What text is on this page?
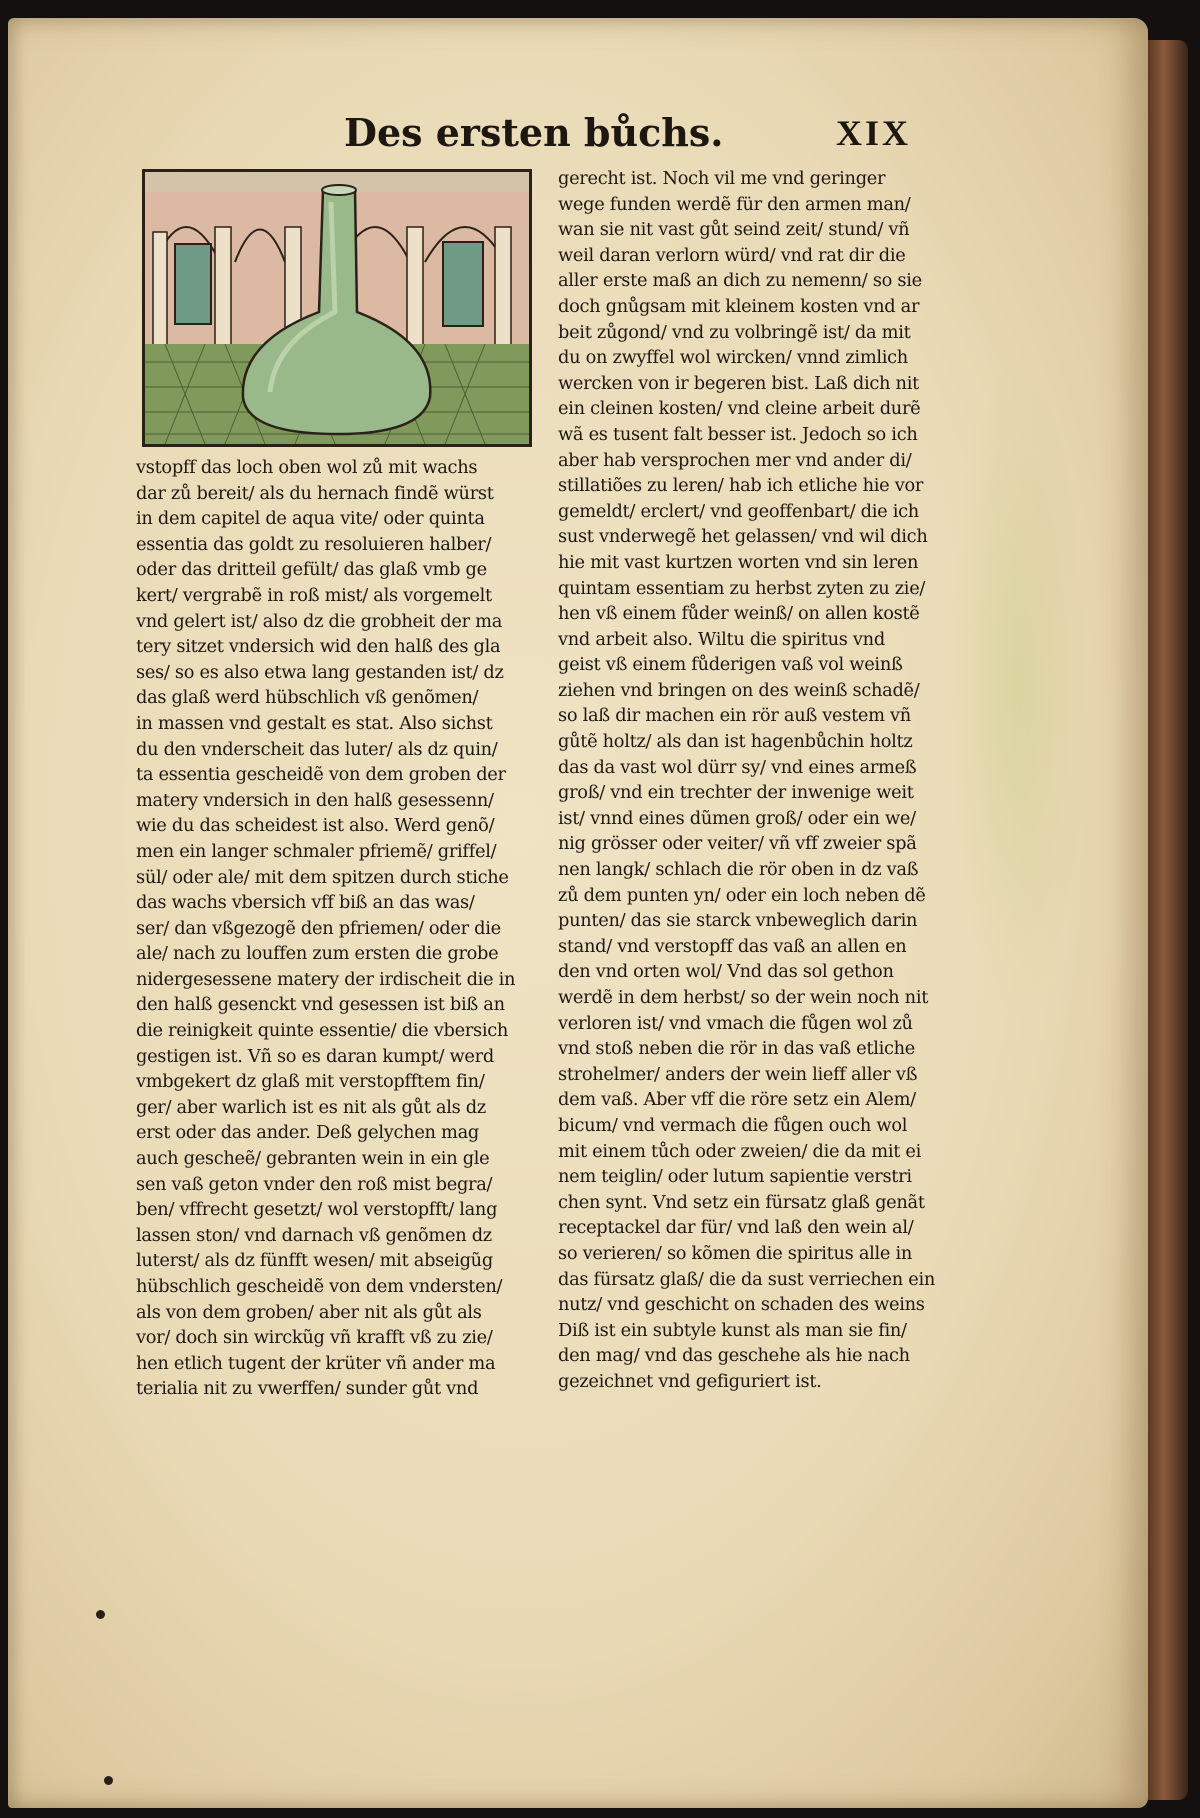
Des ersten bůchs.	XIX
vstopff das loch oben wol zů mit wachs
dar zů bereit/ als du hernach findẽ würst
in dem capitel de aqua vite/ oder quinta
essentia das goldt zu resoluieren halber/
oder das dritteil gefült/ das glaß vmb ge
kert/ vergrabẽ in roß mist/ als vorgemelt
vnd gelert ist/ also dz die grobheit der ma
tery sitzet vndersich wid den halß des gla
ses/ so es also etwa lang gestanden ist/ dz
das glaß werd hübschlich vß genõmen/
in massen vnd gestalt es stat. Also sichst
du den vnderscheit das luter/ als dz quin/
ta essentia gescheidẽ von dem groben der
matery vndersich in den halß gesessenn/
wie du das scheidest ist also. Werd genõ/
men ein langer schmaler pfriemẽ/ griffel/
sül/ oder ale/ mit dem spitzen durch stiche
das wachs vbersich vff biß an das was/
ser/ dan vßgezogẽ den pfriemen/ oder die
ale/ nach zu louffen zum ersten die grobe
nidergesessene matery der irdischeit die in
den halß gesenckt vnd gesessen ist biß an
die reinigkeit quinte essentie/ die vbersich
gestigen ist. Vñ so es daran kumpt/ werd
vmbgekert dz glaß mit verstopfftem fin/
ger/ aber warlich ist es nit als gůt als dz
erst oder das ander. Deß gelychen mag
auch gescheẽ/ gebranten wein in ein gle
sen vaß geton vnder den roß mist begra/
ben/ vffrecht gesetzt/ wol verstopfft/ lang
lassen ston/ vnd darnach vß genõmen dz
luterst/ als dz fünfft wesen/ mit abseigũg
hübschlich gescheidẽ von dem vndersten/
als von dem groben/ aber nit als gůt als
vor/ doch sin wirckũg vñ krafft vß zu zie/
hen etlich tugent der krüter vñ ander ma
terialia nit zu vwerffen/ sunder gůt vnd
gerecht ist. Noch vil me vnd geringer
wege funden werdẽ für den armen man/
wan sie nit vast gůt seind zeit/ stund/ vñ
weil daran verlorn würd/ vnd rat dir die
aller erste maß an dich zu nemenn/ so sie
doch gnůgsam mit kleinem kosten vnd ar
beit zůgond/ vnd zu volbringẽ ist/ da mit
du on zwyffel wol wircken/ vnnd zimlich
wercken von ir begeren bist. Laß dich nit
ein cleinen kosten/ vnd cleine arbeit durẽ
wã es tusent falt besser ist. Jedoch so ich
aber hab versprochen mer vnd ander di/
stillatiões zu leren/ hab ich etliche hie vor
gemeldt/ erclert/ vnd geoffenbart/ die ich
sust vnderwegẽ het gelassen/ vnd wil dich
hie mit vast kurtzen worten vnd sin leren
quintam essentiam zu herbst zyten zu zie/
hen vß einem fůder weinß/ on allen kostẽ
vnd arbeit also. Wiltu die spiritus vnd
geist vß einem fůderigen vaß vol weinß
ziehen vnd bringen on des weinß schadẽ/
so laß dir machen ein rör auß vestem vñ
gůtẽ holtz/ als dan ist hagenbůchin holtz
das da vast wol dürr sy/ vnd eines armeß
groß/ vnd ein trechter der inwenige weit
ist/ vnnd eines dũmen groß/ oder ein we/
nig grösser oder veiter/ vñ vff zweier spã
nen langk/ schlach die rör oben in dz vaß
zů dem punten yn/ oder ein loch neben dẽ
punten/ das sie starck vnbeweglich darin
stand/ vnd verstopff das vaß an allen en
den vnd orten wol/ Vnd das sol gethon
werdẽ in dem herbst/ so der wein noch nit
verloren ist/ vnd vmach die fůgen wol zů
vnd stoß neben die rör in das vaß etliche
strohelmer/ anders der wein lieff aller vß
dem vaß. Aber vff die röre setz ein Alem/
bicum/ vnd vermach die fůgen ouch wol
mit einem tůch oder zweien/ die da mit ei
nem teiglin/ oder lutum sapientie verstri
chen synt. Vnd setz ein fürsatz glaß genãt
receptackel dar für/ vnd laß den wein al/
so verieren/ so kõmen die spiritus alle in
das fürsatz glaß/ die da sust verriechen ein
nutz/ vnd geschicht on schaden des weins
Diß ist ein subtyle kunst als man sie fin/
den mag/ vnd das geschehe als hie nach
gezeichnet vnd gefiguriert ist.
